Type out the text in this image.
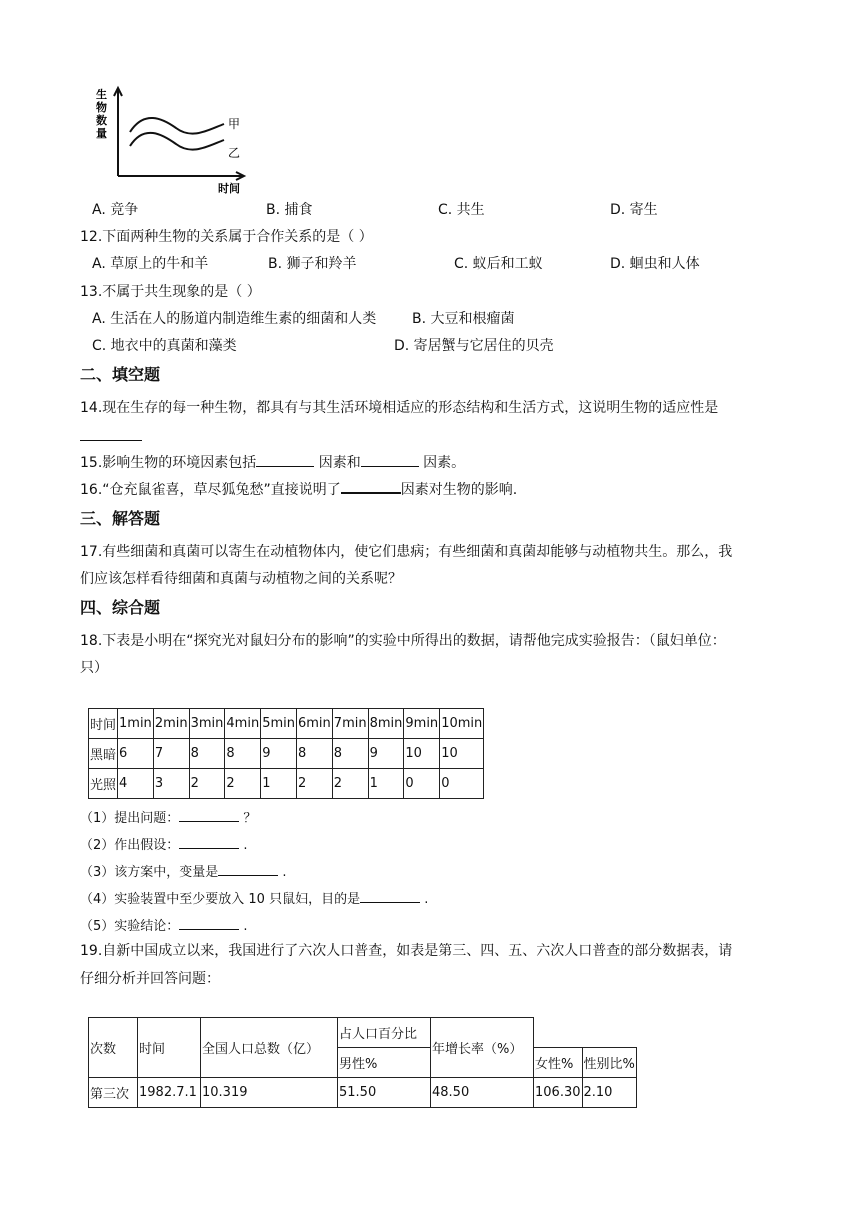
生
物
数
量
甲
乙
时间
A. 竞争	B. 捕食	C. 共生	D. 寄生
12.下面两种生物的关系属于合作关系的是（ ）
A. 草原上的牛和羊	B. 狮子和羚羊	C. 蚁后和工蚁	D. 蛔虫和人体
13.不属于共生现象的是（ ）
A. 生活在人的肠道内制造维生素的细菌和人类	B. 大豆和根瘤菌
C. 地衣中的真菌和藻类	D. 寄居蟹与它居住的贝壳
二、填空题
14.现在生存的每一种生物，都具有与其生活环境相适应的形态结构和生活方式，这说明生物的适应性是
15.影响生物的环境因素包括	因素和	因素。
16.“仓充鼠雀喜，草尽狐兔愁”直接说明了	因素对生物的影响.
三、解答题
17.有些细菌和真菌可以寄生在动植物体内，使它们患病；有些细菌和真菌却能够与动植物共生。那么，我
们应该怎样看待细菌和真菌与动植物之间的关系呢？
四、综合题
18.下表是小明在“探究光对鼠妇分布的影响”的实验中所得出的数据，请帮他完成实验报告：（鼠妇单位：
只）
时间	1min	2min	3min	4min	5min	6min	7min	8min	9min	10min
黑暗	6	7	8	8	9	8	8	9	10	10
光照	4	3	2	2	1	2	2	1	0	0
（1）提出问题：	？
（2）作出假设：	.
（3）该方案中，变量是	.
（4）实验装置中至少要放入 10 只鼠妇，目的是	.
（5）实验结论：	.
19.自新中国成立以来，我国进行了六次人口普查，如表是第三、四、五、六次人口普查的部分数据表，请
仔细分析并回答问题：
次数	时间	全国人口总数（亿）	占人口百分比	年增长率（%）		
			男性%		女性%	性别比%
第三次	1982.7.1	10.319	51.50	48.50	106.30	2.10
